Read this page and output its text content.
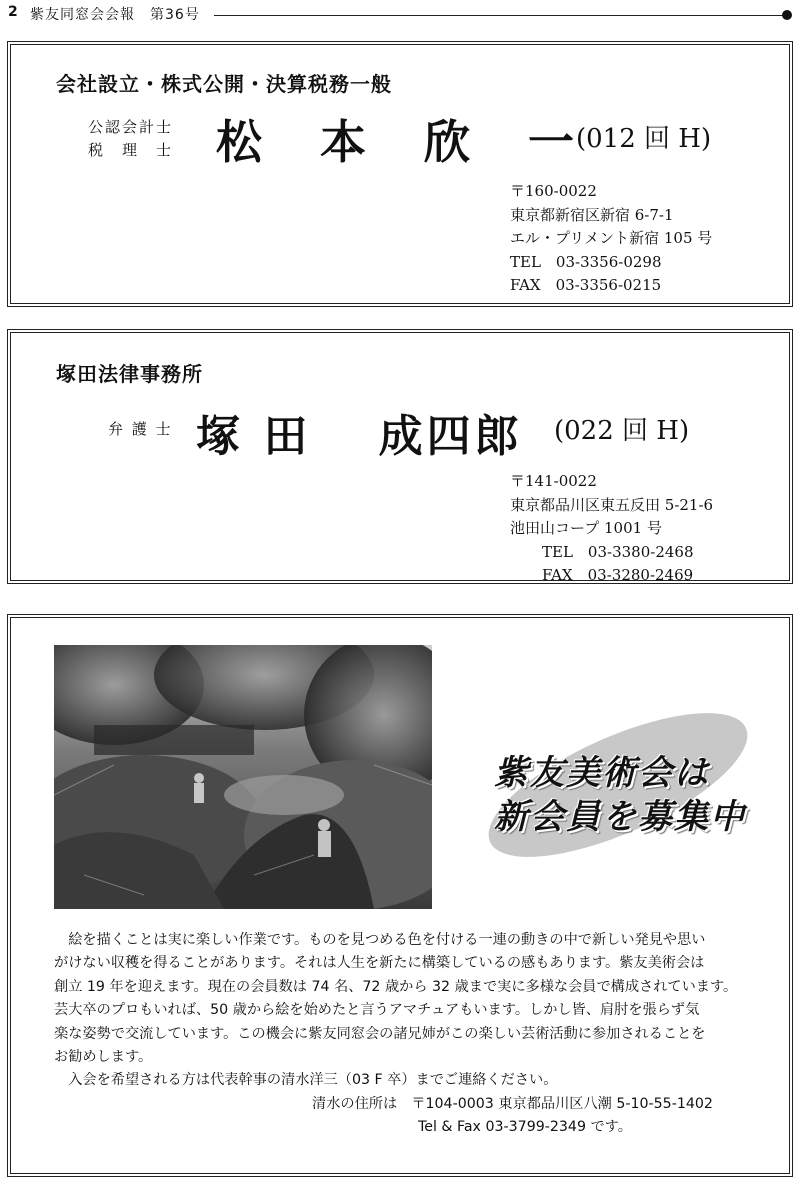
2 紫友同窓会会報　第36号
会社設立・株式公開・決算税務一般
公認会計士
税　理　士 松　本　欣　一
(012 回 H)
〒160-0022
東京都新宿区新宿 6-7-1
エル・プリメント新宿 105 号
TEL　03-3356-0298
FAX　03-3356-0215
塚田法律事務所
弁 護 士 塚 田　 成四郎 (022 回 H)
〒141-0022
東京都品川区東五反田 5-21-6
池田山コープ 1001 号
TEL　03-3380-2468
FAX　03-3280-2469
紫友美術会は
新会員を募集中

　絵を描くことは実に楽しい作業です。ものを見つめる色を付ける一連の動きの中で新しい発見や思い

がけない収穫を得ることがあります。それは人生を新たに構築しているの感もあります。紫友美術会は

創立 19 年を迎えます。現在の会員数は 74 名、72 歳から 32 歳まで実に多様な会員で構成されています。

芸大卒のプロもいれば、50 歳から絵を始めたと言うアマチュアもいます。しかし皆、肩肘を張らず気

楽な姿勢で交流しています。この機会に紫友同窓会の諸兄姉がこの楽しい芸術活動に参加されることを

お勧めします。

　入会を希望される方は代表幹事の清水洋三（03 F 卒）までご連絡ください。

清水の住所は　〒104-0003 東京都品川区八潮 5-10-55-1402

Tel & Fax 03-3799-2349 です。
